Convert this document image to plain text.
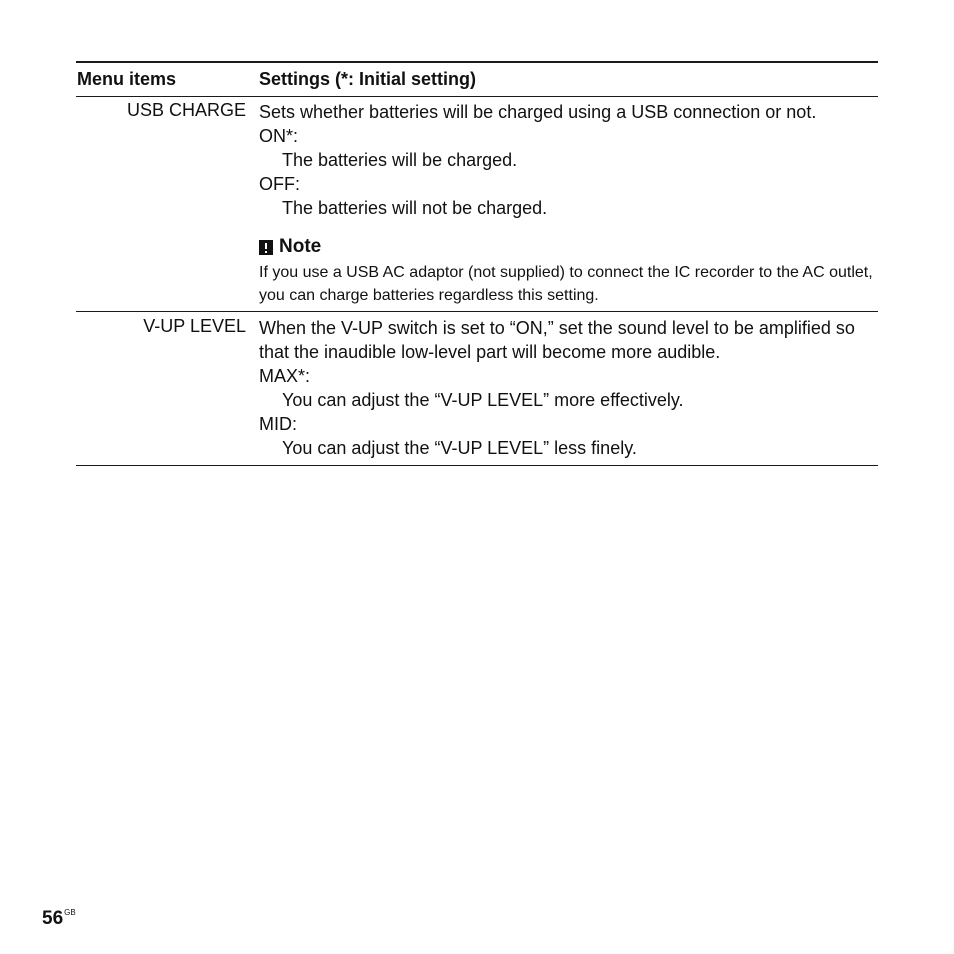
Menu items	Settings (*: Initial setting)
USB CHARGE Sets whether batteries will be charged using a USB connection or not.
ON*:
The batteries will be charged.
OFF:
The batteries will not be charged.
Note
If you use a USB AC adaptor (not supplied) to connect the IC recorder to the AC outlet, you can charge batteries regardless this setting.
V-UP LEVEL When the V-UP switch is set to “ON,” set the sound level to be amplified so that the inaudible low-level part will become more audible.
MAX*:
You can adjust the “V-UP LEVEL” more effectively.
MID:
You can adjust the “V-UP LEVEL” less finely.
$56^{GB}$
